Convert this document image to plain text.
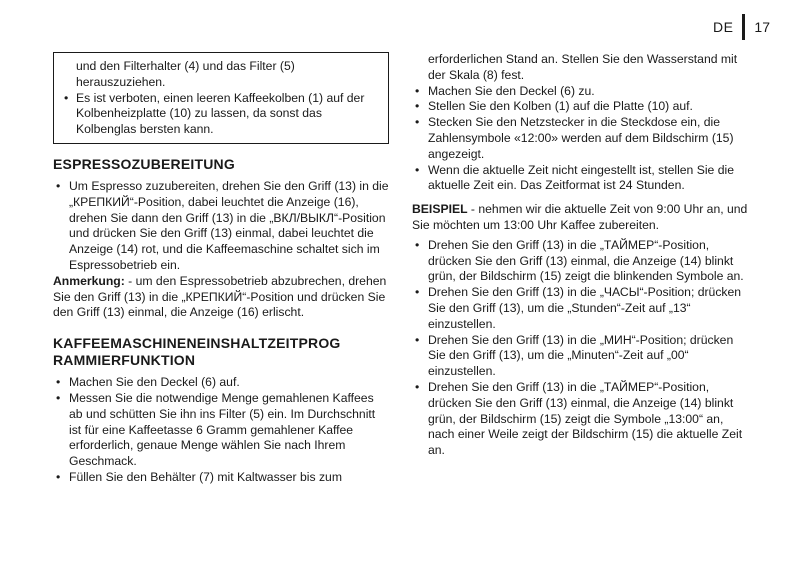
DE 17
und den Filterhalter (4) und das Filter (5) herauszuziehen.
• Es ist verboten, einen leeren Kaffeekolben (1) auf der Kolbenheizplatte (10) zu lassen, da sonst das Kolbenglas bersten kann.
ESPRESSOZUBEREITUNG
• Um Espresso zuzubereiten, drehen Sie den Griff (13) in die „КРЕПКИЙ“-Position, dabei leuchtet die Anzeige (16), drehen Sie dann den Griff (13) in die „ВКЛ/ВЫКЛ“-Position und drücken Sie den Griff (13) einmal, dabei leuchtet die Anzeige (14) rot, und die Kaffeemaschine schaltet sich im Espressobetrieb ein.

Anmerkung: - um den Espressobetrieb abzubrechen, drehen Sie den Griff (13) in die „КРЕПКИЙ“-Position und drücken Sie den Griff (13) einmal, die Anzeige (16) erlischt.

KAFFEEMASCHINENEINSHALTZEITPROG
RAMMIERFUNKTION
• Machen Sie den Deckel (6) auf.
• Messen Sie die notwendige Menge gemahlenen Kaffees ab und schütten Sie ihn ins Filter (5) ein. Im Durchschnitt ist für eine Kaffeetasse 6 Gramm gemahlener Kaffee erforderlich, genaue Menge wählen Sie nach Ihrem Geschmack.
• Füllen Sie den Behälter (7) mit Kaltwasser bis zum
erforderlichen Stand an. Stellen Sie den Wasserstand mit der Skala (8) fest.
• Machen Sie den Deckel (6) zu.
• Stellen Sie den Kolben (1) auf die Platte (10) auf.
• Stecken Sie den Netzstecker in die Steckdose ein, die Zahlensymbole «12:00» werden auf dem Bildschirm (15) angezeigt.
• Wenn die aktuelle Zeit nicht eingestellt ist, stellen Sie die aktuelle Zeit ein. Das Zeitformat ist 24 Stunden.

BEISPIEL - nehmen wir die aktuelle Zeit von 9:00 Uhr an, und Sie möchten um 13:00 Uhr Kaffee zubereiten.

• Drehen Sie den Griff (13) in die „ТАЙМЕР“-Position, drücken Sie den Griff (13) einmal, die Anzeige (14) blinkt grün, der Bildschirm (15) zeigt die blinkenden Symbole an.
• Drehen Sie den Griff (13) in die „ЧАСЫ“-Position; drücken Sie den Griff (13), um die „Stunden“-Zeit auf „13“ einzustellen.
• Drehen Sie den Griff (13) in die „МИН“-Position; drücken Sie den Griff (13), um die „Minuten“-Zeit auf „00“ einzustellen.
• Drehen Sie den Griff (13) in die „ТАЙМЕР“-Position, drücken Sie den Griff (13) einmal, die Anzeige (14) blinkt grün, der Bildschirm (15) zeigt die Symbole „13:00“ an, nach einer Weile zeigt der Bildschirm (15) die aktuelle Zeit an.
